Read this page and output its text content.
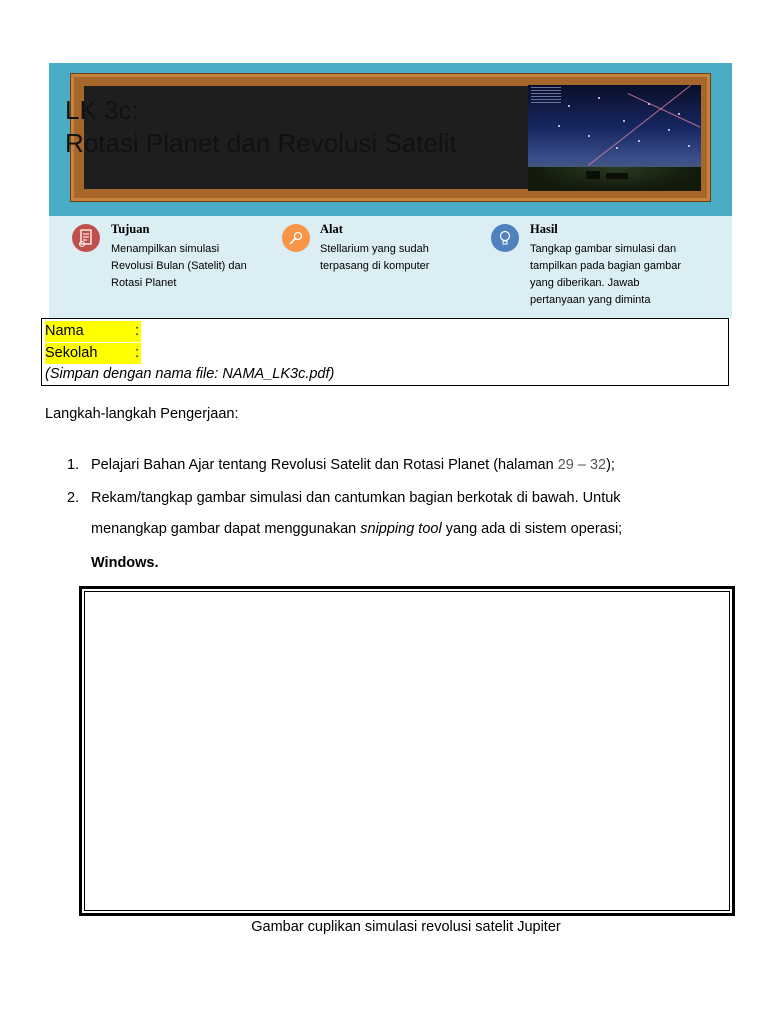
LK 3c:
Rotasi Planet dan Revolusi Satelit
Tujuan
Menampilkan simulasi
Revolusi Bulan (Satelit) dan
Rotasi Planet
Alat
Stellarium yang sudah
terpasang di komputer
Hasil
Tangkap gambar simulasi dan
tampilkan pada bagian gambar
yang diberikan. Jawab
pertanyaan yang diminta
Nama	:
Sekolah	:
(Simpan dengan nama file: NAMA_LK3c.pdf)
Langkah-langkah Pengerjaan:
1. Pelajari Bahan Ajar tentang Revolusi Satelit dan Rotasi Planet (halaman 29 – 32);
2. Rekam/tangkap gambar simulasi dan cantumkan bagian berkotak di bawah. Untuk
menangkap gambar dapat menggunakan snipping tool yang ada di sistem operasi;
Windows.
Gambar cuplikan simulasi revolusi satelit Jupiter
